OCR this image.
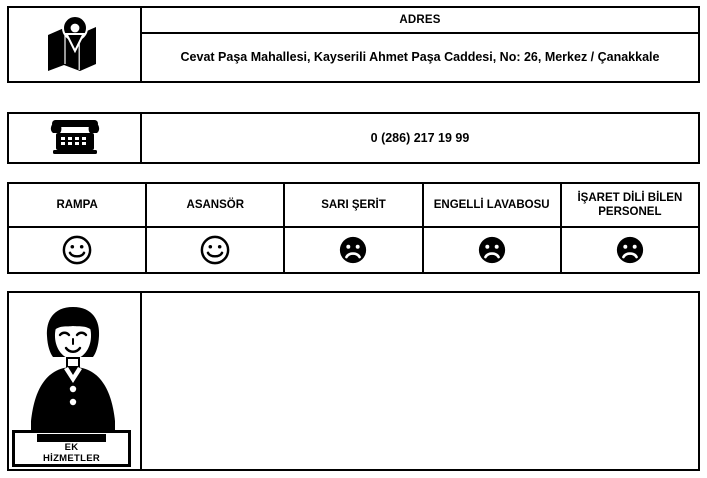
	ADRES
Cevat Paşa Mahallesi, Kayserili Ahmet Paşa Caddesi, No: 26, Merkez / Çanakkale
	0 (286) 217 19 99
RAMPA	ASANSÖR	SARI ŞERİT	ENGELLİ LAVABOSU	İŞARET DİLİ BİLEN PERSONEL

EK
HİZMETLER
